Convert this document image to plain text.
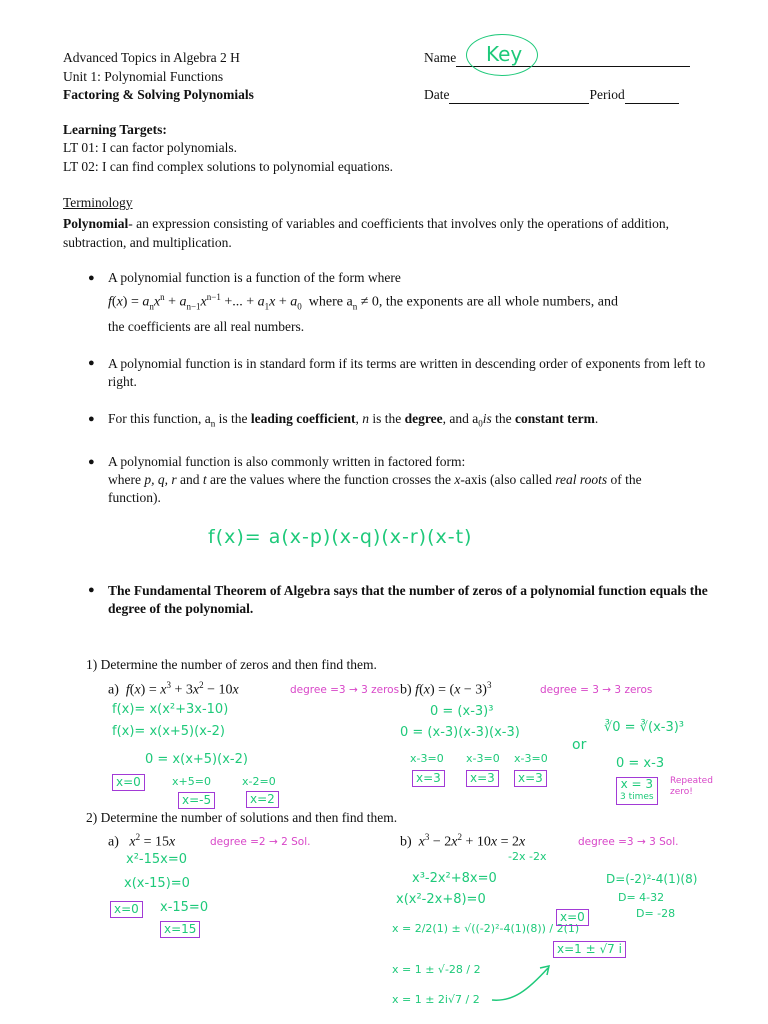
Advanced Topics in Algebra 2 H
Unit 1: Polynomial Functions
Factoring & Solving Polynomials
Name	Key
Date	Period
Learning Targets:
LT 01: I can factor polynomials.
LT 02: I can find complex solutions to polynomial equations.
Terminology
Polynomial- an expression consisting of variables and coefficients that involves only the operations of addition, subtraction, and multiplication.
● A polynomial function is a function of the form where
$f(x) = a_nx^n + a_{n-1}x^{n-1}$ +... + $a_1x + a_0$ where $a_n \ne 0$, the exponents are all whole numbers, and
the coefficients are all real numbers.
● A polynomial function is in standard form if its terms are written in descending order of exponents from left to right.
● For this function, $a_n$ is the leading coefficient, n is the degree, and $a_0is$ the constant term.
● A polynomial function is also commonly written in factored form:
where p, q, r and t are the values where the function crosses the x-axis (also called real roots of the
function).
f(x)= a(x-p)(x-q)(x-r)(x-t)
● The Fundamental Theorem of Algebra says that the number of zeros of a polynomial function equals the degree of the polynomial.
1) Determine the number of zeros and then find them.
a) $f(x) = x^3 + 3x^2 - 10x$	degree =3 → 3 zeros b) $f(x) = (x - 3)^3$	degree = 3 → 3 zeros
f(x)= x(x²+3x-10)
f(x)= x(x+5)(x-2)
0 = x(x+5)(x-2)
x+5=0	x-2=0
x=0
x=-5	x=2
0 = (x-3)³
0 = (x-3)(x-3)(x-3)
x-3=0 x-3=0 x-3=0
x=3	x=3	x=3
or
∛0 = ∛(x-3)³
0 = x-3
x = 3
3 times
Repeated zero!
2) Determine the number of solutions and then find them.
a) $x^2 = 15x$	degree =2 → 2 Sol.	b) $x^3 - 2x^2 + 10x = 2x$	degree =3 → 3 Sol.
-2x -2x
x²-15x=0
x(x-15)=0
x-15=0
x=0
x=15
x³-2x²+8x=0
x(x²-2x+8)=0
x = 2/2(1) ± √((-2)²-4(1)(8)) / 2(1)
x = 1 ± √-28 / 2
x = 1 ± 2i√7 / 2
x=0
x=1 ± √7 i
D=(-2)²-4(1)(8)
D= 4-32
D= -28
